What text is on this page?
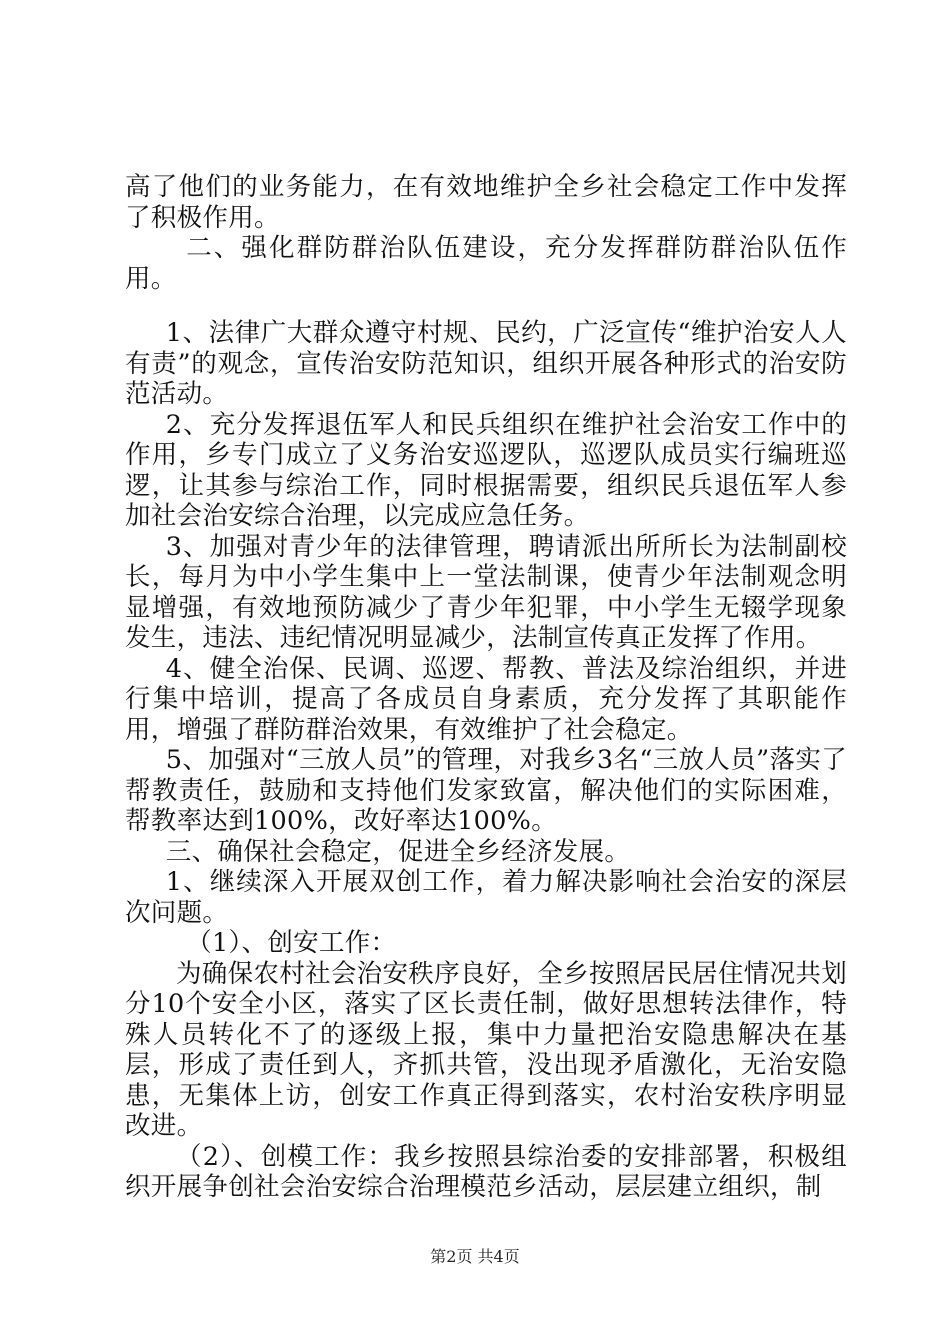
高了他们的业务能力，在有效地维护全乡社会稳定工作中发挥了积极作用。

二、强化群防群治队伍建设，充分发挥群防群治队伍作用。

1、法律广大群众遵守村规、民约，广泛宣传“维护治安人人有责”的观念，宣传治安防范知识，组织开展各种形式的治安防范活动。

2、充分发挥退伍军人和民兵组织在维护社会治安工作中的作用，乡专门成立了义务治安巡逻队，巡逻队成员实行编班巡逻，让其参与综治工作，同时根据需要，组织民兵退伍军人参加社会治安综合治理，以完成应急任务。

3、加强对青少年的法律管理，聘请派出所所长为法制副校长，每月为中小学生集中上一堂法制课，使青少年法制观念明显增强，有效地预防减少了青少年犯罪，中小学生无辍学现象发生，违法、违纪情况明显减少，法制宣传真正发挥了作用。

4、健全治保、民调、巡逻、帮教、普法及综治组织，并进行集中培训，提高了各成员自身素质，充分发挥了其职能作用，增强了群防群治效果，有效维护了社会稳定。

5、加强对“三放人员”的管理，对我乡3名“三放人员”落实了帮教责任，鼓励和支持他们发家致富，解决他们的实际困难，帮教率达到100%，改好率达100%。

三、确保社会稳定，促进全乡经济发展。

1、继续深入开展双创工作，着力解决影响社会治安的深层次问题。

（1）、创安工作：

为确保农村社会治安秩序良好，全乡按照居民居住情况共划分10个安全小区，落实了区长责任制，做好思想转法律作，特殊人员转化不了的逐级上报，集中力量把治安隐患解决在基层，形成了责任到人，齐抓共管，没出现矛盾激化，无治安隐患，无集体上访，创安工作真正得到落实，农村治安秩序明显改进。

（2）、创模工作：我乡按照县综治委的安排部署，积极组织开展争创社会治安综合治理模范乡活动，层层建立组织，制

第2页 共4页
